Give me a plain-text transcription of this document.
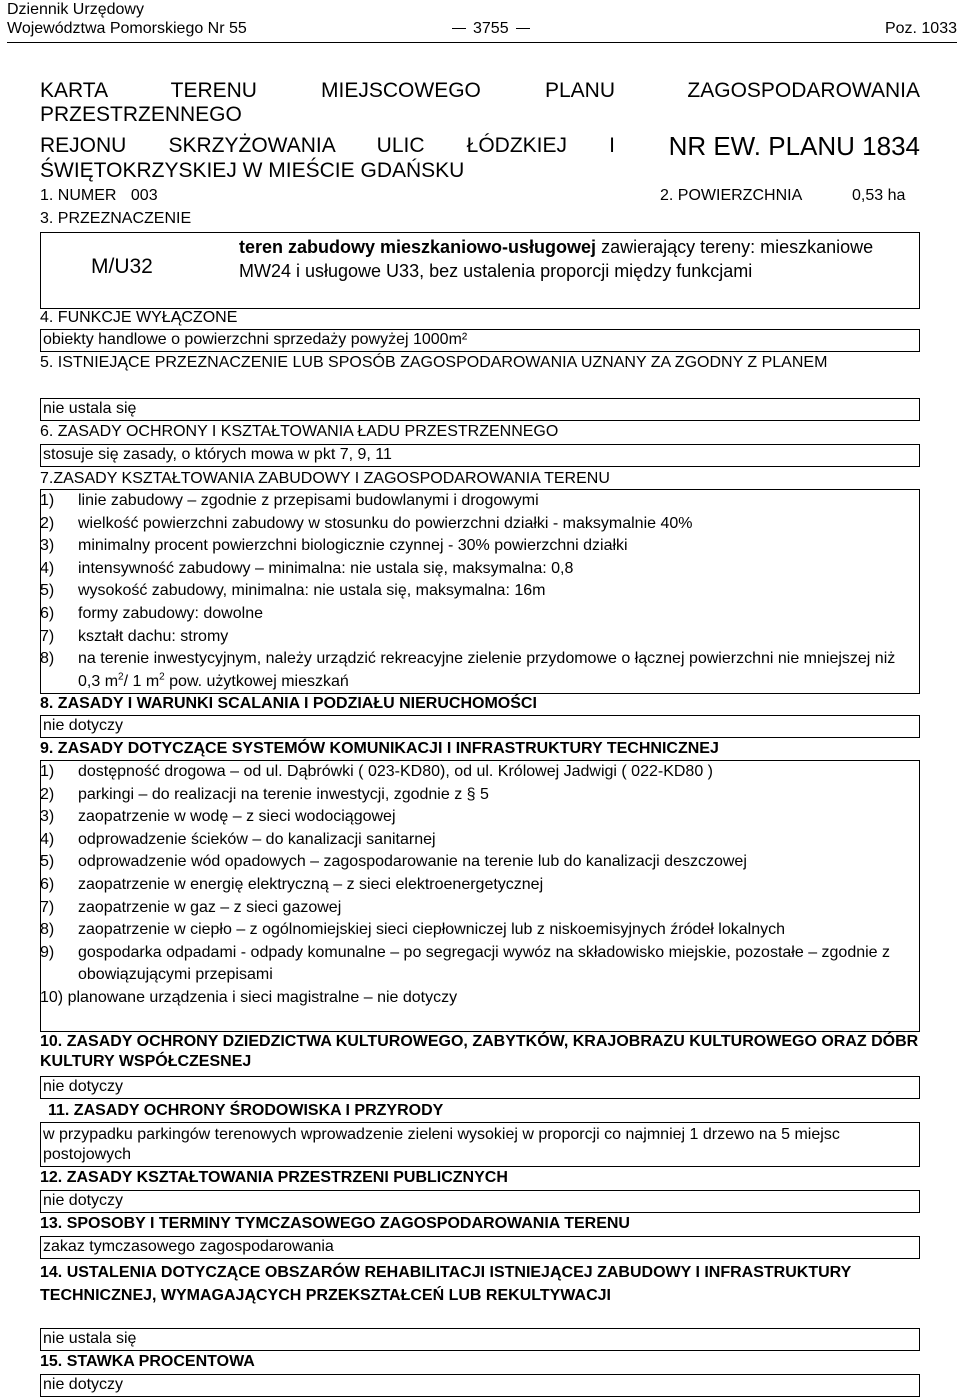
Dziennik Urzędowy
Województwa Pomorskiego Nr 55	3755	Poz. 1033
KARTA TERENU MIEJSCOWEGO PLANU	ZAGOSPODAROWANIA
PRZESTRZENNEGO
REJONU SKRZYŻOWANIA ULIC ŁÓDZKIEJ I NR EW. PLANU 1834
ŚWIĘTOKRZYSKIEJ W MIEŚCIE GDAŃSKU
1. NUMER 003	2. POWIERZCHNIA	0,53 ha
3. PRZEZNACZENIE
M/U32
teren zabudowy mieszkaniowo-usługowej zawierający tereny: mieszkaniowe MW24 i usługowe U33, bez ustalenia proporcji między funkcjami
4. FUNKCJE WYŁĄCZONE
obiekty handlowe o powierzchni sprzedaży powyżej 1000m²
5. ISTNIEJĄCE PRZEZNACZENIE LUB SPOSÓB ZAGOSPODAROWANIA UZNANY ZA ZGODNY Z PLANEM
nie ustala się
6. ZASADY OCHRONY I KSZTAŁTOWANIA ŁADU PRZESTRZENNEGO
stosuje się zasady, o których mowa w pkt 7, 9, 11
7.ZASADY KSZTAŁTOWANIA ZABUDOWY I ZAGOSPODAROWANIA TERENU
1) linie zabudowy – zgodnie z przepisami budowlanymi i drogowymi
2) wielkość powierzchni zabudowy w stosunku do powierzchni działki - maksymalnie 40%
3) minimalny procent powierzchni biologicznie czynnej - 30% powierzchni działki
4) intensywność zabudowy – minimalna: nie ustala się, maksymalna: 0,8
5) wysokość zabudowy, minimalna: nie ustala się, maksymalna: 16m
6) formy zabudowy: dowolne
7) kształt dachu: stromy
8) na terenie inwestycyjnym, należy urządzić rekreacyjne zielenie przydomowe o łącznej powierzchni nie mniejszej niż 0,3 $m^2/$ 1 $m^2$ pow. użytkowej mieszkań
8. ZASADY I WARUNKI SCALANIA I PODZIAŁU NIERUCHOMOŚCI
nie dotyczy
9. ZASADY DOTYCZĄCE SYSTEMÓW KOMUNIKACJI I INFRASTRUKTURY TECHNICZNEJ
1) dostępność drogowa – od ul. Dąbrówki ( 023-KD80), od ul. Królowej Jadwigi ( 022-KD80 )
2) parkingi – do realizacji na terenie inwestycji, zgodnie z § 5
3) zaopatrzenie w wodę – z sieci wodociągowej
4) odprowadzenie ścieków – do kanalizacji sanitarnej
5) odprowadzenie wód opadowych – zagospodarowanie na terenie lub do kanalizacji deszczowej
6) zaopatrzenie w energię elektryczną – z sieci elektroenergetycznej
7) zaopatrzenie w gaz – z sieci gazowej
8) zaopatrzenie w ciepło – z ogólnomiejskiej sieci ciepłowniczej lub z niskoemisyjnych źródeł lokalnych
9) gospodarka odpadami - odpady komunalne – po segregacji wywóz na składowisko miejskie, pozostałe – zgodnie z obowiązującymi przepisami
10) planowane urządzenia i sieci magistralne – nie dotyczy
10. ZASADY OCHRONY DZIEDZICTWA KULTUROWEGO, ZABYTKÓW, KRAJOBRAZU KULTUROWEGO ORAZ DÓBR KULTURY WSPÓŁCZESNEJ
nie dotyczy
11. ZASADY OCHRONY ŚRODOWISKA I PRZYRODY
w przypadku parkingów terenowych wprowadzenie zieleni wysokiej w proporcji co najmniej 1 drzewo na 5 miejsc postojowych
12. ZASADY KSZTAŁTOWANIA PRZESTRZENI PUBLICZNYCH
nie dotyczy
13. SPOSOBY I TERMINY TYMCZASOWEGO ZAGOSPODAROWANIA TERENU
zakaz tymczasowego zagospodarowania
14. USTALENIA DOTYCZĄCE OBSZARÓW REHABILITACJI ISTNIEJĄCEJ ZABUDOWY I INFRASTRUKTURY TECHNICZNEJ, WYMAGAJĄCYCH PRZEKSZTAŁCEŃ LUB REKULTYWACJI
nie ustala się
15. STAWKA PROCENTOWA
nie dotyczy
